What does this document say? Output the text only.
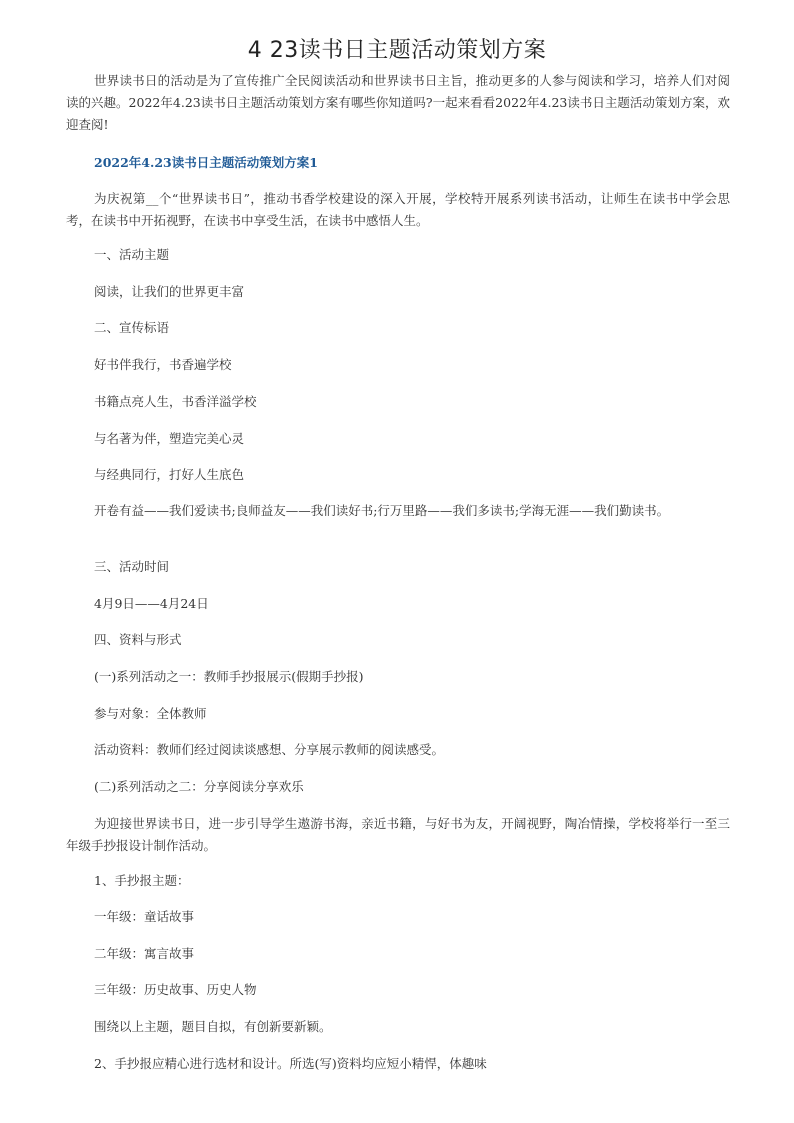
4 23读书日主题活动策划方案

世界读书日的活动是为了宣传推广全民阅读活动和世界读书日主旨，推动更多的人参与阅读和学习，培养人们对阅读的兴趣。2022年4.23读书日主题活动策划方案有哪些你知道吗?一起来看看2022年4.23读书日主题活动策划方案，欢迎查阅!

2022年4.23读书日主题活动策划方案1

为庆祝第__个“世界读书日”，推动书香学校建设的深入开展，学校特开展系列读书活动，让师生在读书中学会思考，在读书中开拓视野，在读书中享受生活，在读书中感悟人生。

一、活动主题

阅读，让我们的世界更丰富

二、宣传标语

好书伴我行，书香遍学校

书籍点亮人生，书香洋溢学校

与名著为伴，塑造完美心灵

与经典同行，打好人生底色

开卷有益——我们爱读书;良师益友——我们读好书;行万里路——我们多读书;学海无涯——我们勤读书。

三、活动时间

4月9日——4月24日

四、资料与形式

(一)系列活动之一：教师手抄报展示(假期手抄报)

参与对象：全体教师

活动资料：教师们经过阅读谈感想、分享展示教师的阅读感受。

(二)系列活动之二：分享阅读分享欢乐

为迎接世界读书日，进一步引导学生遨游书海，亲近书籍，与好书为友，开阔视野，陶冶情操，学校将举行一至三年级手抄报设计制作活动。

1、手抄报主题：

一年级：童话故事

二年级：寓言故事

三年级：历史故事、历史人物

围绕以上主题，题目自拟，有创新要新颖。

2、手抄报应精心进行选材和设计。所选(写)资料均应短小精悍，体趣味
